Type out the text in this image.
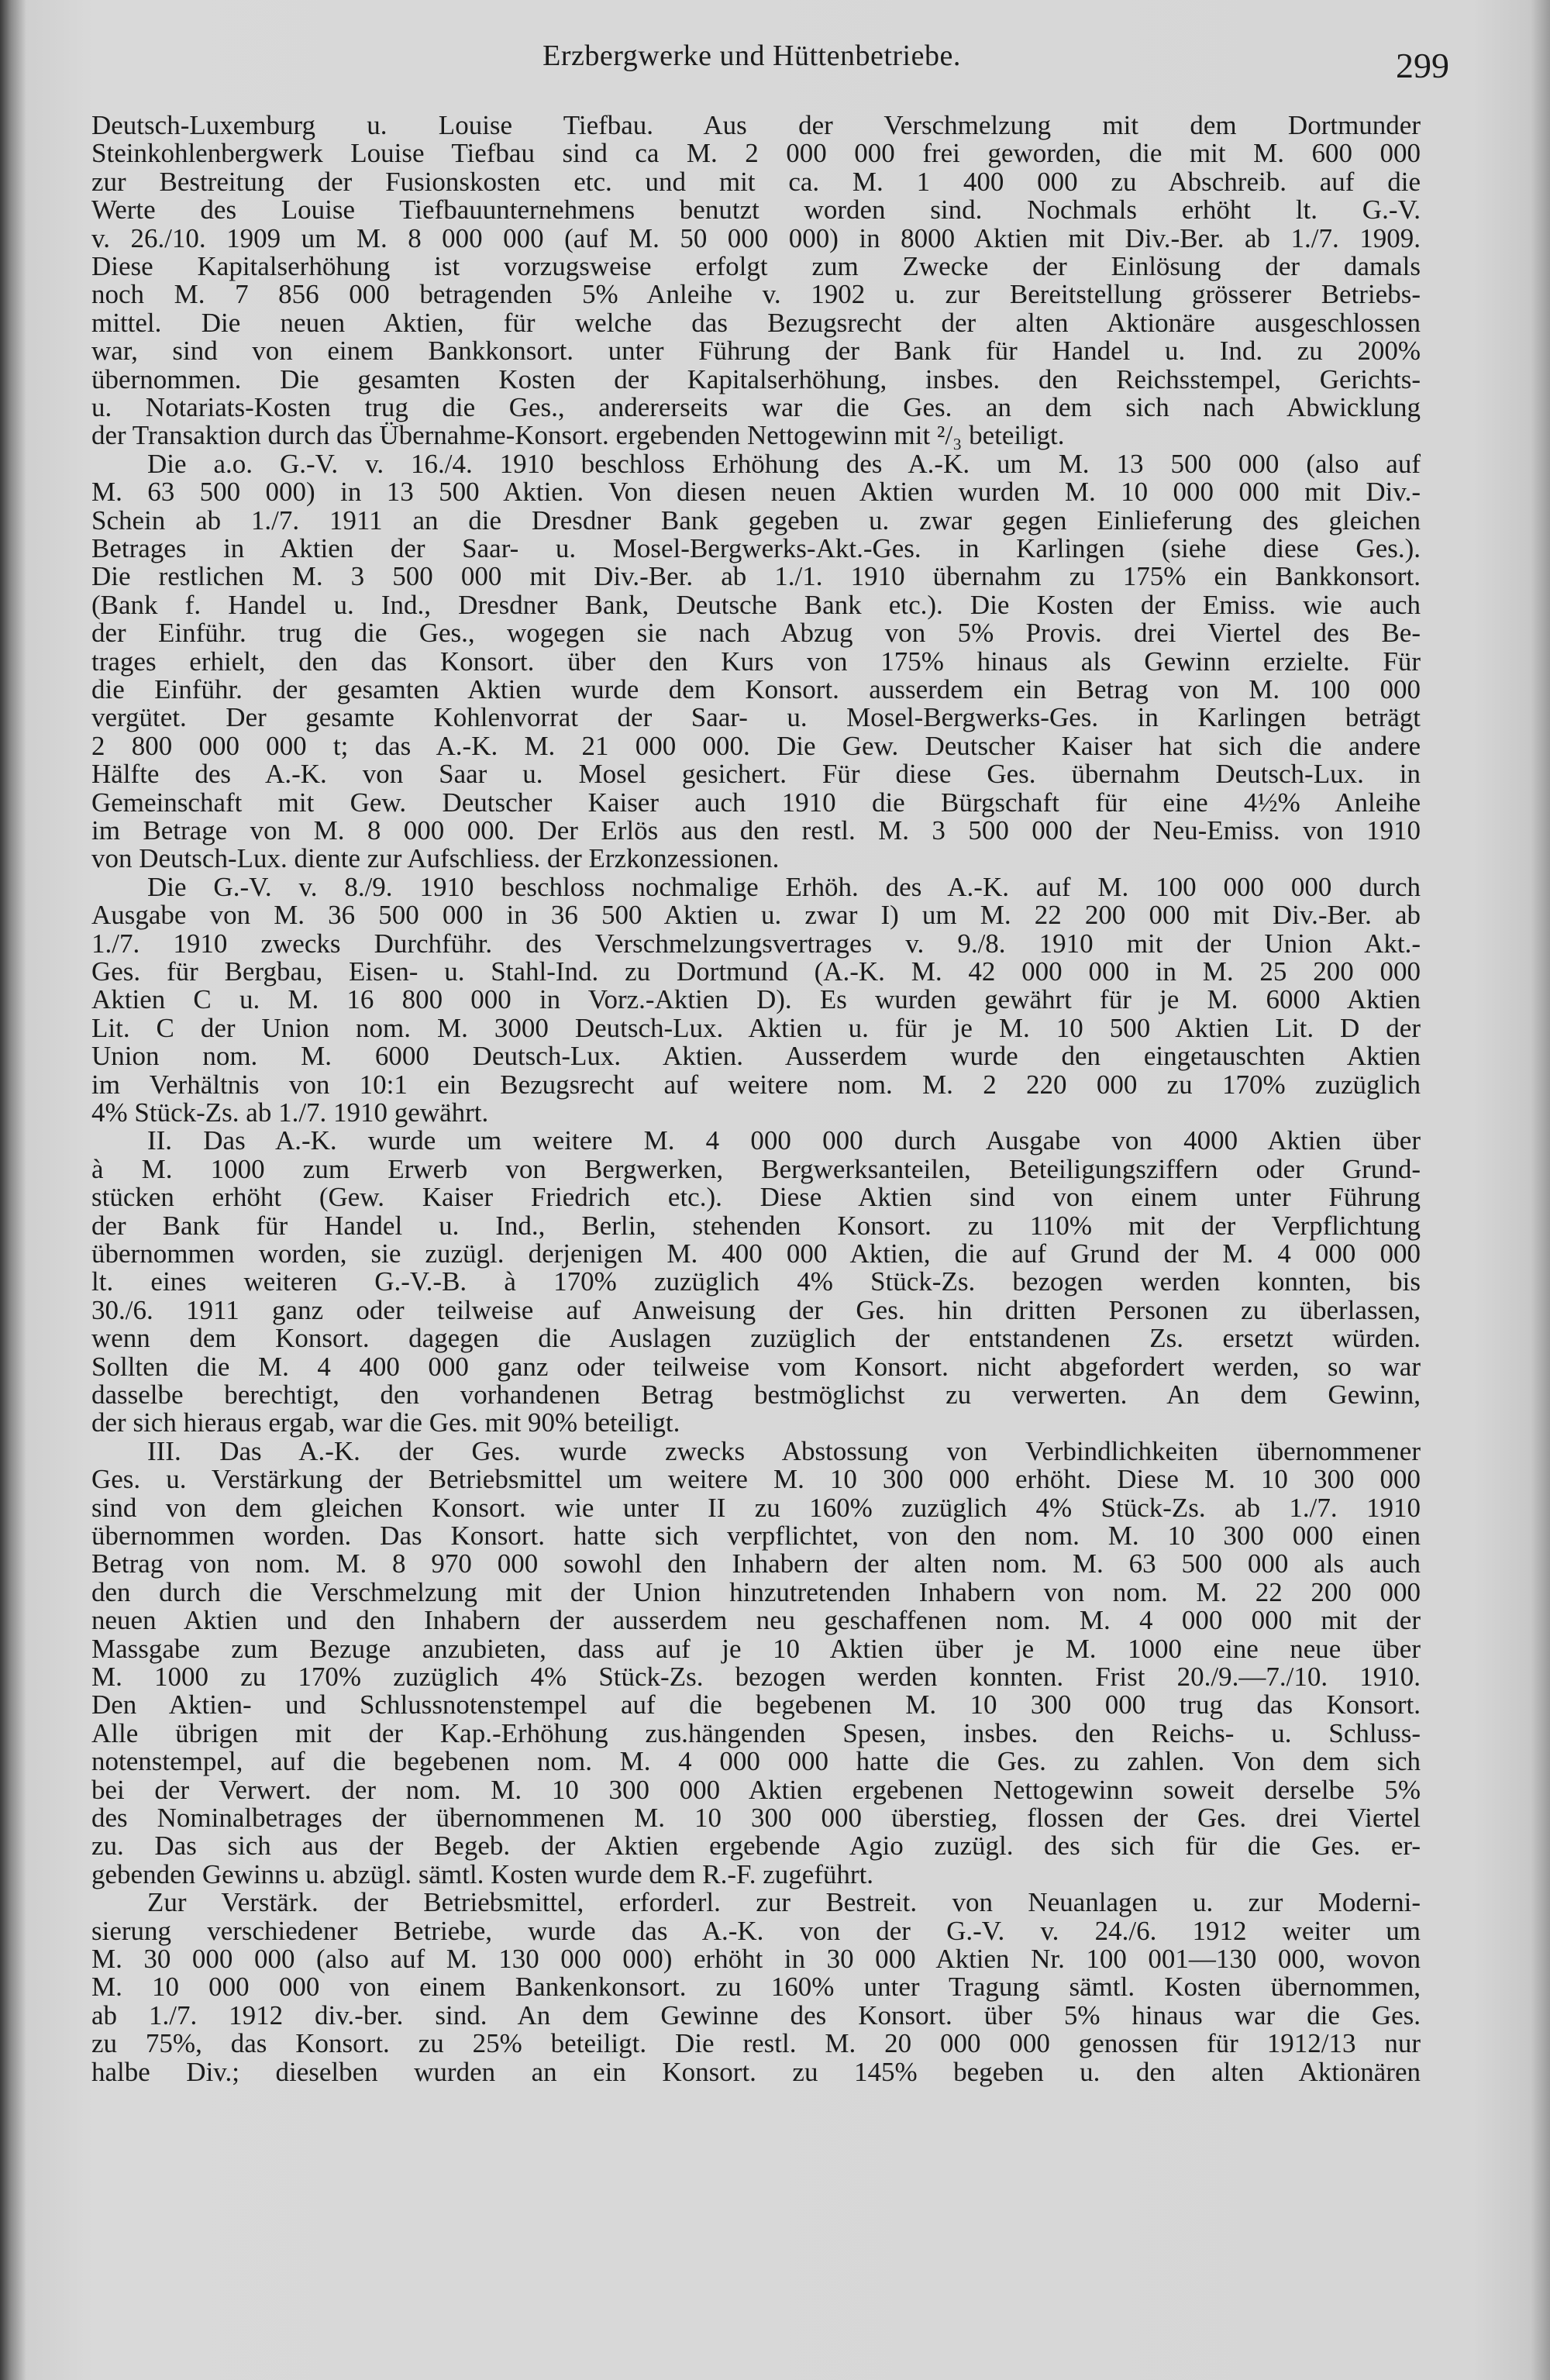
Erzbergwerke und Hüttenbetriebe.	299
Deutsch-Luxemburg u. Louise Tiefbau. Aus der Verschmelzung mit dem Dortmunder
Steinkohlenbergwerk Louise Tiefbau sind ca M. 2 000 000 frei geworden, die mit M. 600 000
zur Bestreitung der Fusionskosten etc. und mit ca. M. 1 400 000 zu Abschreib. auf die
Werte des Louise Tiefbauunternehmens benutzt worden sind. Nochmals erhöht lt. G.-V.
v. 26./10. 1909 um M. 8 000 000 (auf M. 50 000 000) in 8000 Aktien mit Div.-Ber. ab 1./7. 1909.
Diese Kapitalserhöhung ist vorzugsweise erfolgt zum Zwecke der Einlösung der damals
noch M. 7 856 000 betragenden 5% Anleihe v. 1902 u. zur Bereitstellung grösserer Betriebs-
mittel. Die neuen Aktien, für welche das Bezugsrecht der alten Aktionäre ausgeschlossen
war, sind von einem Bankkonsort. unter Führung der Bank für Handel u. Ind. zu 200%
übernommen. Die gesamten Kosten der Kapitalserhöhung, insbes. den Reichsstempel, Gerichts-
u. Notariats-Kosten trug die Ges., andererseits war die Ges. an dem sich nach Abwicklung
der Transaktion durch das Übernahme-Konsort. ergebenden Nettogewinn mit ²/₃ beteiligt.
Die a.o. G.-V. v. 16./4. 1910 beschloss Erhöhung des A.-K. um M. 13 500 000 (also auf
M. 63 500 000) in 13 500 Aktien. Von diesen neuen Aktien wurden M. 10 000 000 mit Div.-
Schein ab 1./7. 1911 an die Dresdner Bank gegeben u. zwar gegen Einlieferung des gleichen
Betrages in Aktien der Saar- u. Mosel-Bergwerks-Akt.-Ges. in Karlingen (siehe diese Ges.).
Die restlichen M. 3 500 000 mit Div.-Ber. ab 1./1. 1910 übernahm zu 175% ein Bankkonsort.
(Bank f. Handel u. Ind., Dresdner Bank, Deutsche Bank etc.). Die Kosten der Emiss. wie auch
der Einführ. trug die Ges., wogegen sie nach Abzug von 5% Provis. drei Viertel des Be-
trages erhielt, den das Konsort. über den Kurs von 175% hinaus als Gewinn erzielte. Für
die Einführ. der gesamten Aktien wurde dem Konsort. ausserdem ein Betrag von M. 100 000
vergütet. Der gesamte Kohlenvorrat der Saar- u. Mosel-Bergwerks-Ges. in Karlingen beträgt
2 800 000 000 t; das A.-K. M. 21 000 000. Die Gew. Deutscher Kaiser hat sich die andere
Hälfte des A.-K. von Saar u. Mosel gesichert. Für diese Ges. übernahm Deutsch-Lux. in
Gemeinschaft mit Gew. Deutscher Kaiser auch 1910 die Bürgschaft für eine 4½% Anleihe
im Betrage von M. 8 000 000. Der Erlös aus den restl. M. 3 500 000 der Neu-Emiss. von 1910
von Deutsch-Lux. diente zur Aufschliess. der Erzkonzessionen.
Die G.-V. v. 8./9. 1910 beschloss nochmalige Erhöh. des A.-K. auf M. 100 000 000 durch
Ausgabe von M. 36 500 000 in 36 500 Aktien u. zwar I) um M. 22 200 000 mit Div.-Ber. ab
1./7. 1910 zwecks Durchführ. des Verschmelzungsvertrages v. 9./8. 1910 mit der Union Akt.-
Ges. für Bergbau, Eisen- u. Stahl-Ind. zu Dortmund (A.-K. M. 42 000 000 in M. 25 200 000
Aktien C u. M. 16 800 000 in Vorz.-Aktien D). Es wurden gewährt für je M. 6000 Aktien
Lit. C der Union nom. M. 3000 Deutsch-Lux. Aktien u. für je M. 10 500 Aktien Lit. D der
Union nom. M. 6000 Deutsch-Lux. Aktien. Ausserdem wurde den eingetauschten Aktien
im Verhältnis von 10:1 ein Bezugsrecht auf weitere nom. M. 2 220 000 zu 170% zuzüglich
4% Stück-Zs. ab 1./7. 1910 gewährt.
II. Das A.-K. wurde um weitere M. 4 000 000 durch Ausgabe von 4000 Aktien über
à M. 1000 zum Erwerb von Bergwerken, Bergwerksanteilen, Beteiligungsziffern oder Grund-
stücken erhöht (Gew. Kaiser Friedrich etc.). Diese Aktien sind von einem unter Führung
der Bank für Handel u. Ind., Berlin, stehenden Konsort. zu 110% mit der Verpflichtung
übernommen worden, sie zuzügl. derjenigen M. 400 000 Aktien, die auf Grund der M. 4 000 000
lt. eines weiteren G.-V.-B. à 170% zuzüglich 4% Stück-Zs. bezogen werden konnten, bis
30./6. 1911 ganz oder teilweise auf Anweisung der Ges. hin dritten Personen zu überlassen,
wenn dem Konsort. dagegen die Auslagen zuzüglich der entstandenen Zs. ersetzt würden.
Sollten die M. 4 400 000 ganz oder teilweise vom Konsort. nicht abgefordert werden, so war
dasselbe berechtigt, den vorhandenen Betrag bestmöglichst zu verwerten. An dem Gewinn,
der sich hieraus ergab, war die Ges. mit 90% beteiligt.
III. Das A.-K. der Ges. wurde zwecks Abstossung von Verbindlichkeiten übernommener
Ges. u. Verstärkung der Betriebsmittel um weitere M. 10 300 000 erhöht. Diese M. 10 300 000
sind von dem gleichen Konsort. wie unter II zu 160% zuzüglich 4% Stück-Zs. ab 1./7. 1910
übernommen worden. Das Konsort. hatte sich verpflichtet, von den nom. M. 10 300 000 einen
Betrag von nom. M. 8 970 000 sowohl den Inhabern der alten nom. M. 63 500 000 als auch
den durch die Verschmelzung mit der Union hinzutretenden Inhabern von nom. M. 22 200 000
neuen Aktien und den Inhabern der ausserdem neu geschaffenen nom. M. 4 000 000 mit der
Massgabe zum Bezuge anzubieten, dass auf je 10 Aktien über je M. 1000 eine neue über
M. 1000 zu 170% zuzüglich 4% Stück-Zs. bezogen werden konnten. Frist 20./9.—7./10. 1910.
Den Aktien- und Schlussnotenstempel auf die begebenen M. 10 300 000 trug das Konsort.
Alle übrigen mit der Kap.-Erhöhung zus.hängenden Spesen, insbes. den Reichs- u. Schluss-
notenstempel, auf die begebenen nom. M. 4 000 000 hatte die Ges. zu zahlen. Von dem sich
bei der Verwert. der nom. M. 10 300 000 Aktien ergebenen Nettogewinn soweit derselbe 5%
des Nominalbetrages der übernommenen M. 10 300 000 überstieg, flossen der Ges. drei Viertel
zu. Das sich aus der Begeb. der Aktien ergebende Agio zuzügl. des sich für die Ges. er-
gebenden Gewinns u. abzügl. sämtl. Kosten wurde dem R.-F. zugeführt.
Zur Verstärk. der Betriebsmittel, erforderl. zur Bestreit. von Neuanlagen u. zur Moderni-
sierung verschiedener Betriebe, wurde das A.-K. von der G.-V. v. 24./6. 1912 weiter um
M. 30 000 000 (also auf M. 130 000 000) erhöht in 30 000 Aktien Nr. 100 001—130 000, wovon
M. 10 000 000 von einem Bankenkonsort. zu 160% unter Tragung sämtl. Kosten übernommen,
ab 1./7. 1912 div.-ber. sind. An dem Gewinne des Konsort. über 5% hinaus war die Ges.
zu 75%, das Konsort. zu 25% beteiligt. Die restl. M. 20 000 000 genossen für 1912/13 nur
halbe Div.; dieselben wurden an ein Konsort. zu 145% begeben u. den alten Aktionären
